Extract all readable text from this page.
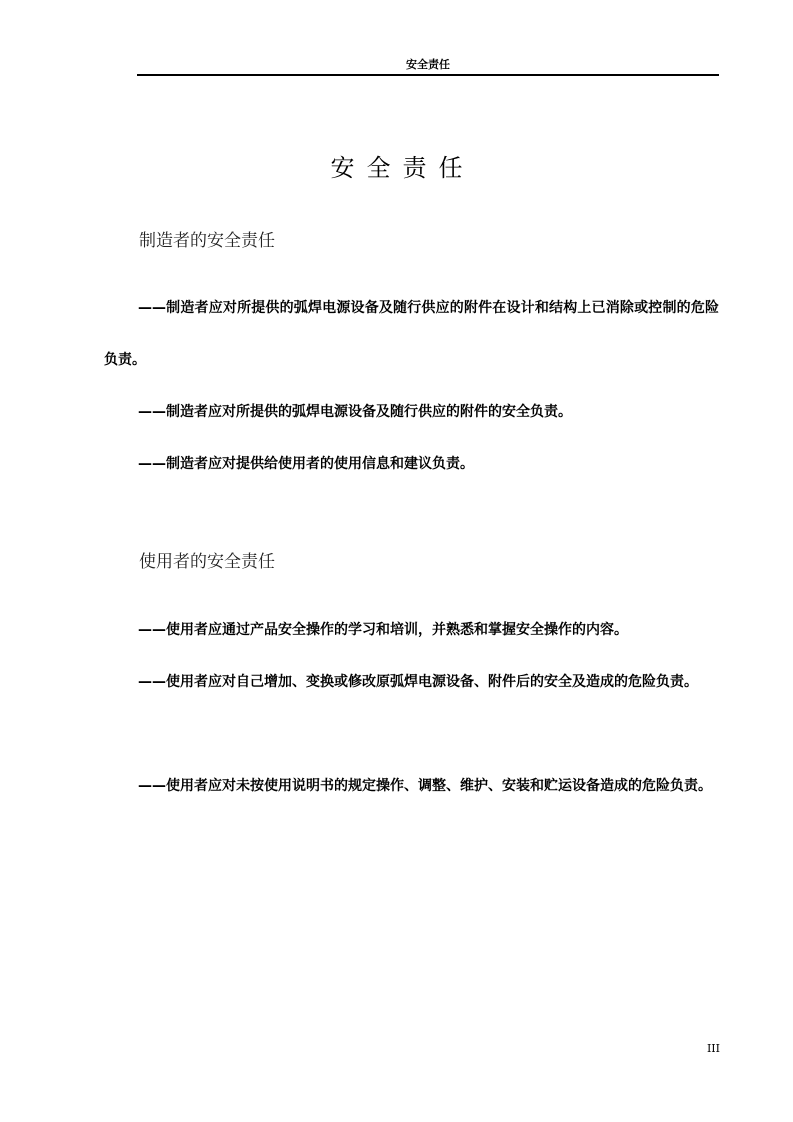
安全责任
安全责任
制造者的安全责任
——制造者应对所提供的弧焊电源设备及随行供应的附件在设计和结构上已消除或控制的危险负责。
——制造者应对所提供的弧焊电源设备及随行供应的附件的安全负责。
——制造者应对提供给使用者的使用信息和建议负责。
使用者的安全责任
——使用者应通过产品安全操作的学习和培训，并熟悉和掌握安全操作的内容。
——使用者应对自己增加、变换或修改原弧焊电源设备、附件后的安全及造成的危险负责。
——使用者应对未按使用说明书的规定操作、调整、维护、安装和贮运设备造成的危险负责。
III
